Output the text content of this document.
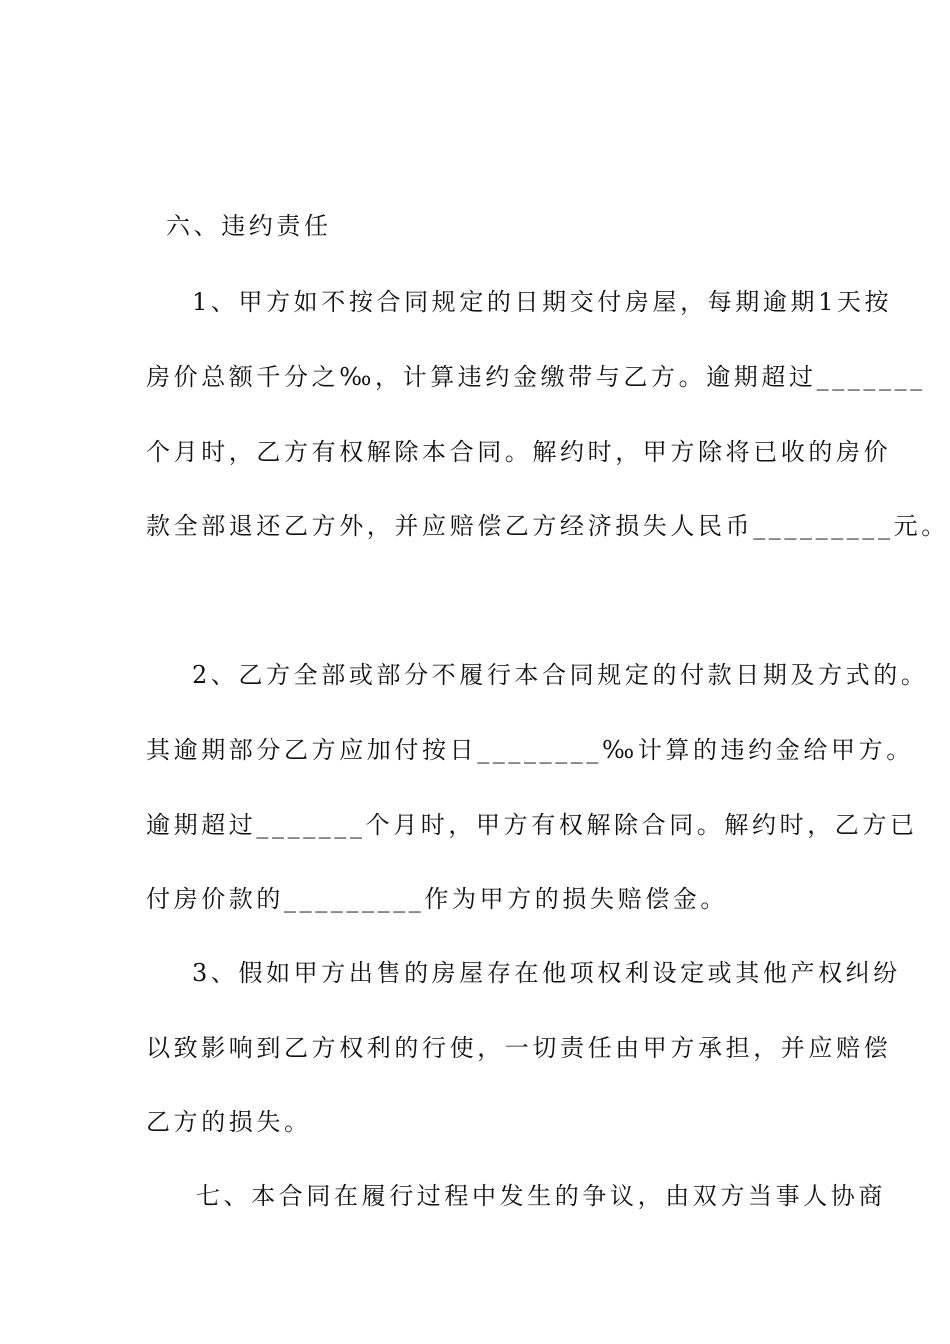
六、违约责任
1、甲方如不按合同规定的日期交付房屋，每期逾期1天按
房价总额千分之‰，计算违约金缴带与乙方。逾期超过_______
个月时，乙方有权解除本合同。解约时，甲方除将已收的房价
款全部退还乙方外，并应赔偿乙方经济损失人民币_________元。
2、乙方全部或部分不履行本合同规定的付款日期及方式的。
其逾期部分乙方应加付按日________‰计算的违约金给甲方。
逾期超过_______个月时，甲方有权解除合同。解约时，乙方已
付房价款的_________作为甲方的损失赔偿金。
3、假如甲方出售的房屋存在他项权利设定或其他产权纠纷
以致影响到乙方权利的行使，一切责任由甲方承担，并应赔偿
乙方的损失。
七、本合同在履行过程中发生的争议，由双方当事人协商
